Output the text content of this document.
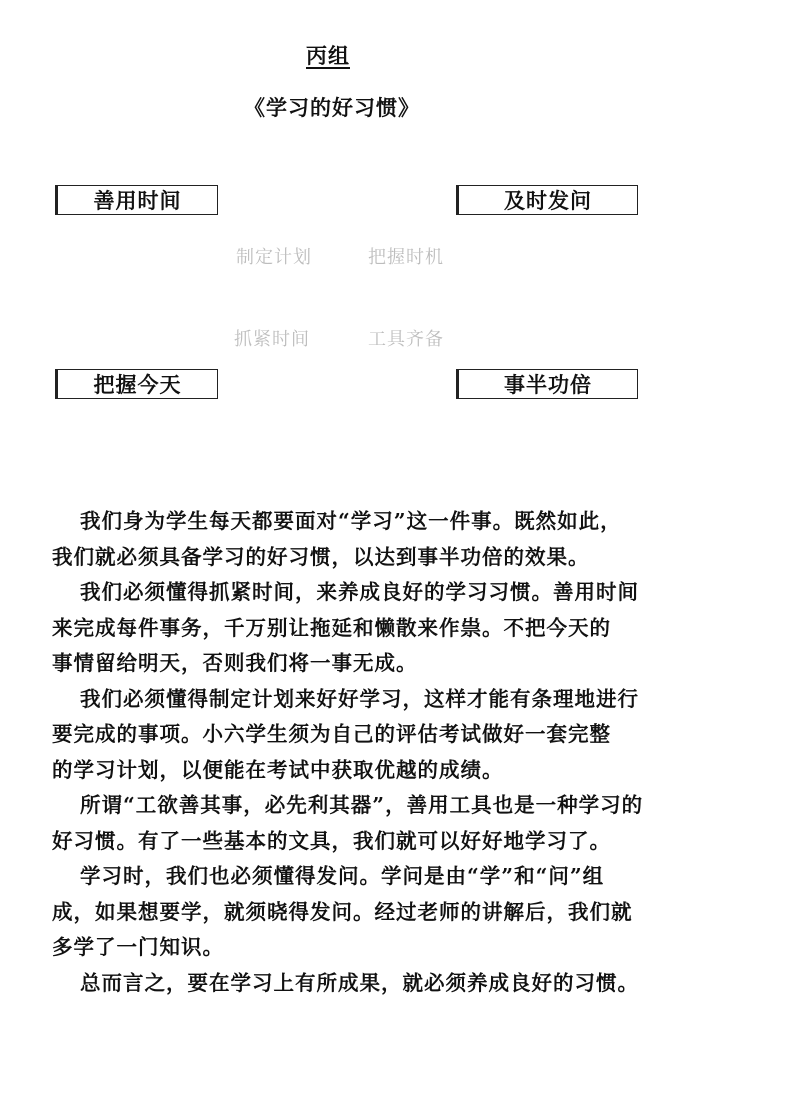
丙组
《学习的好习惯》
善用时间	及时发问
把握今天	事半功倍
制定计划	把握时机
抓紧时间	工具齐备
我们身为学生每天都要面对“学习”这一件事。既然如此，
我们就必须具备学习的好习惯，以达到事半功倍的效果。
我们必须懂得抓紧时间，来养成良好的学习习惯。善用时间
来完成每件事务，千万别让拖延和懒散来作祟。不把今天的
事情留给明天，否则我们将一事无成。
我们必须懂得制定计划来好好学习，这样才能有条理地进行
要完成的事项。小六学生须为自己的评估考试做好一套完整
的学习计划，以便能在考试中获取优越的成绩。
所谓“工欲善其事，必先利其器”，善用工具也是一种学习的
好习惯。有了一些基本的文具，我们就可以好好地学习了。
学习时，我们也必须懂得发问。学问是由“学”和“问”组
成，如果想要学，就须晓得发问。经过老师的讲解后，我们就
多学了一门知识。
总而言之，要在学习上有所成果，就必须养成良好的习惯。
